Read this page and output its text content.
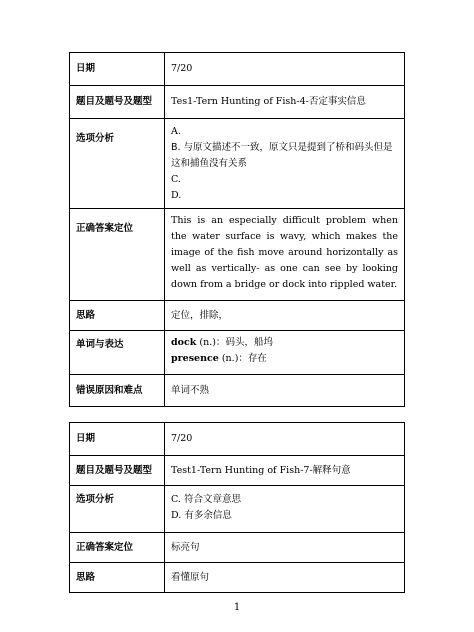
日期	7/20
题目及题号及题型	Tes1-Tern Hunting of Fish-4-否定事实信息
选项分析	A.
B. 与原文描述不一致，原文只是提到了桥和码头但是
这和捕鱼没有关系
C.
D.

正确答案定位	This is an especially difficult problem when the water surface is wavy, which makes the image of the fish move around horizontally as well as vertically- as one can see by looking down from a bridge or dock into rippled water.
思路	定位，排除，
单词与表达	dock (n.)：码头，船坞
presence (n.)：存在

错误原因和难点	单词不熟
日期	7/20
题目及题号及题型	Test1-Tern Hunting of Fish-7-解释句意
选项分析	C. 符合文章意思
D. 有多余信息

正确答案定位	标亮句
思路	看懂原句
1
